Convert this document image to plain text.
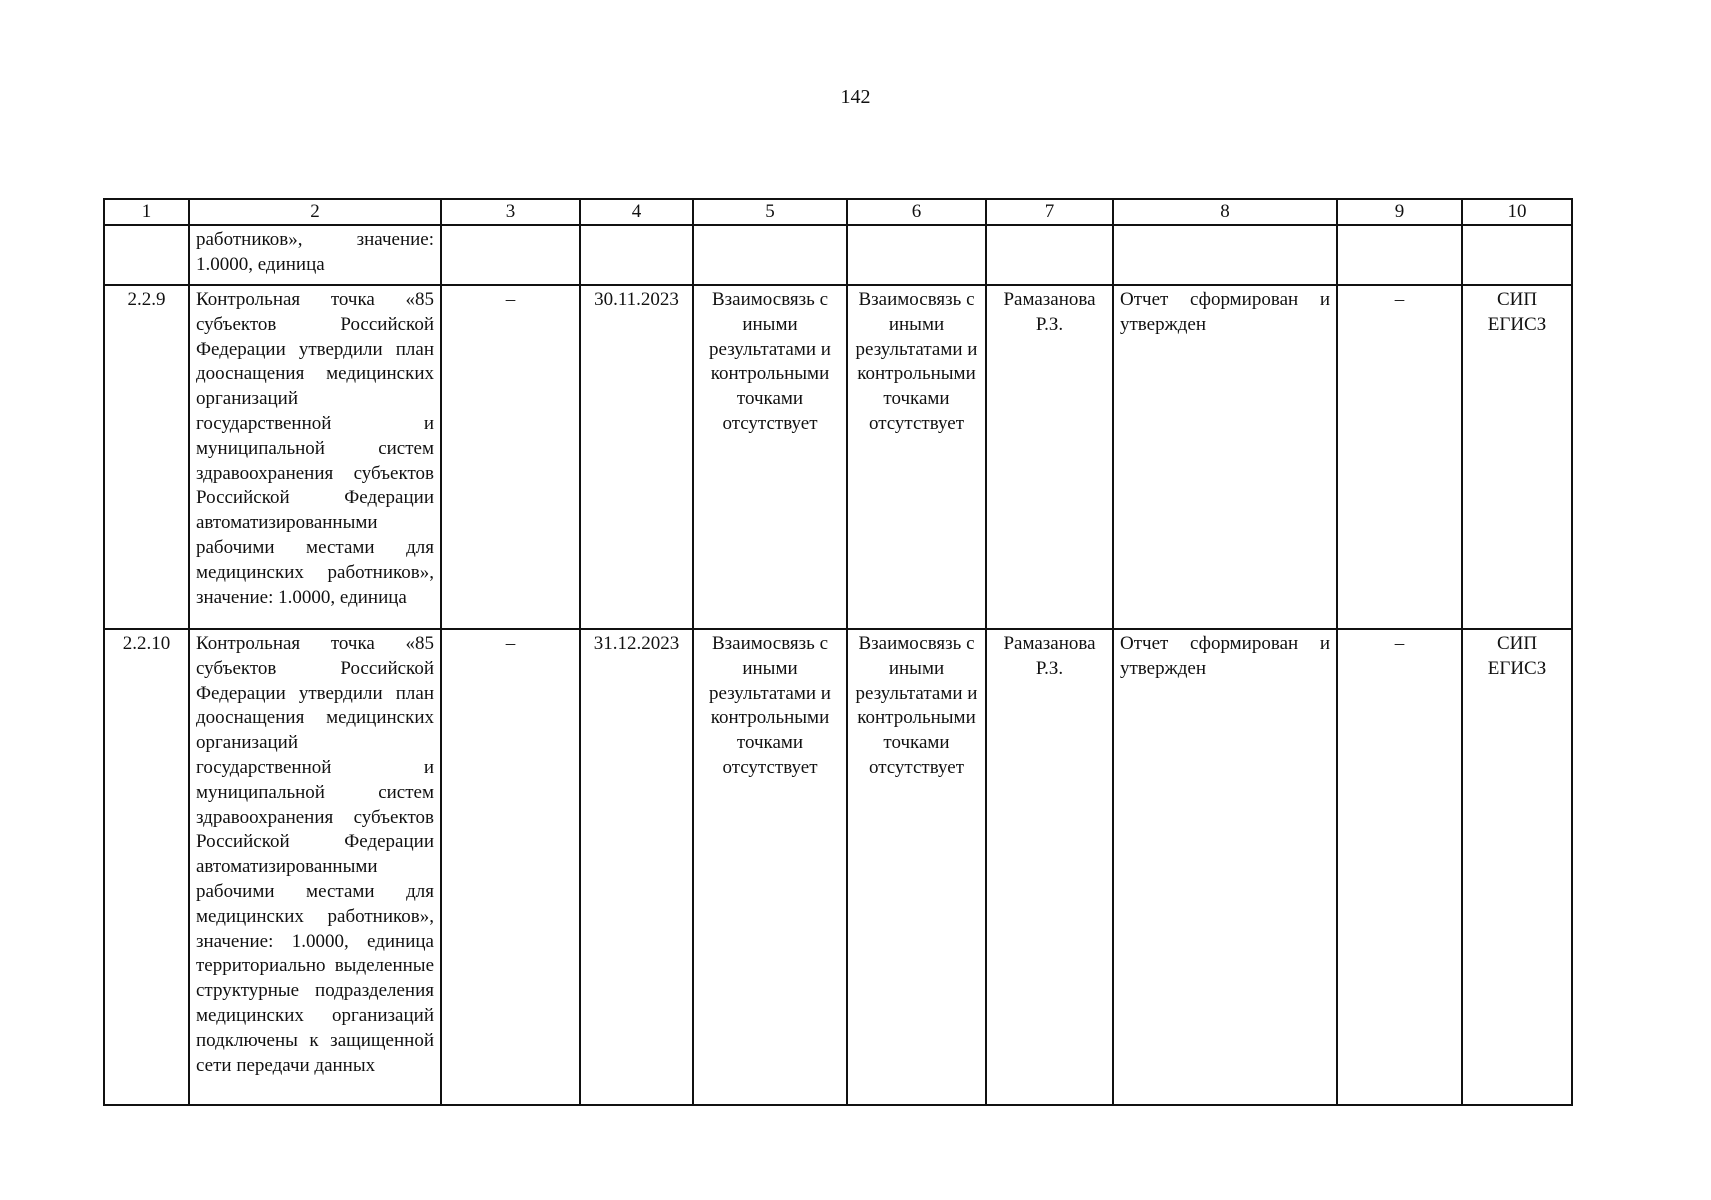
142
1	2	3	4	5	6	7	8	9	10
	работников», значение: 1.0000, единица								
2.2.9	Контрольная точка «85 субъектов Российской Федерации утвердили план дооснащения медицинских организаций государственной и муниципальной систем здравоохранения субъектов Российской Федерации автоматизированными рабочими местами для медицинских работников», значение: 1.0000, единица	–	30.11.2023	Взаимосвязь с иными результатами и контрольными точками отсутствует	Взаимосвязь с иными результатами и контрольными точками отсутствует	Рамазанова Р.З.	Отчет сформирован и утвержден	–	СИП ЕГИСЗ
2.2.10	Контрольная точка «85 субъектов Российской Федерации утвердили план дооснащения медицинских организаций государственной и муниципальной систем здравоохранения субъектов Российской Федерации автоматизированными рабочими местами для медицинских работников», значение: 1.0000, единица территориально выделенные структурные подразделения медицинских организаций подключены к защищенной сети передачи данных	–	31.12.2023	Взаимосвязь с иными результатами и контрольными точками отсутствует	Взаимосвязь с иными результатами и контрольными точками отсутствует	Рамазанова Р.З.	Отчет сформирован и утвержден	–	СИП ЕГИСЗ
